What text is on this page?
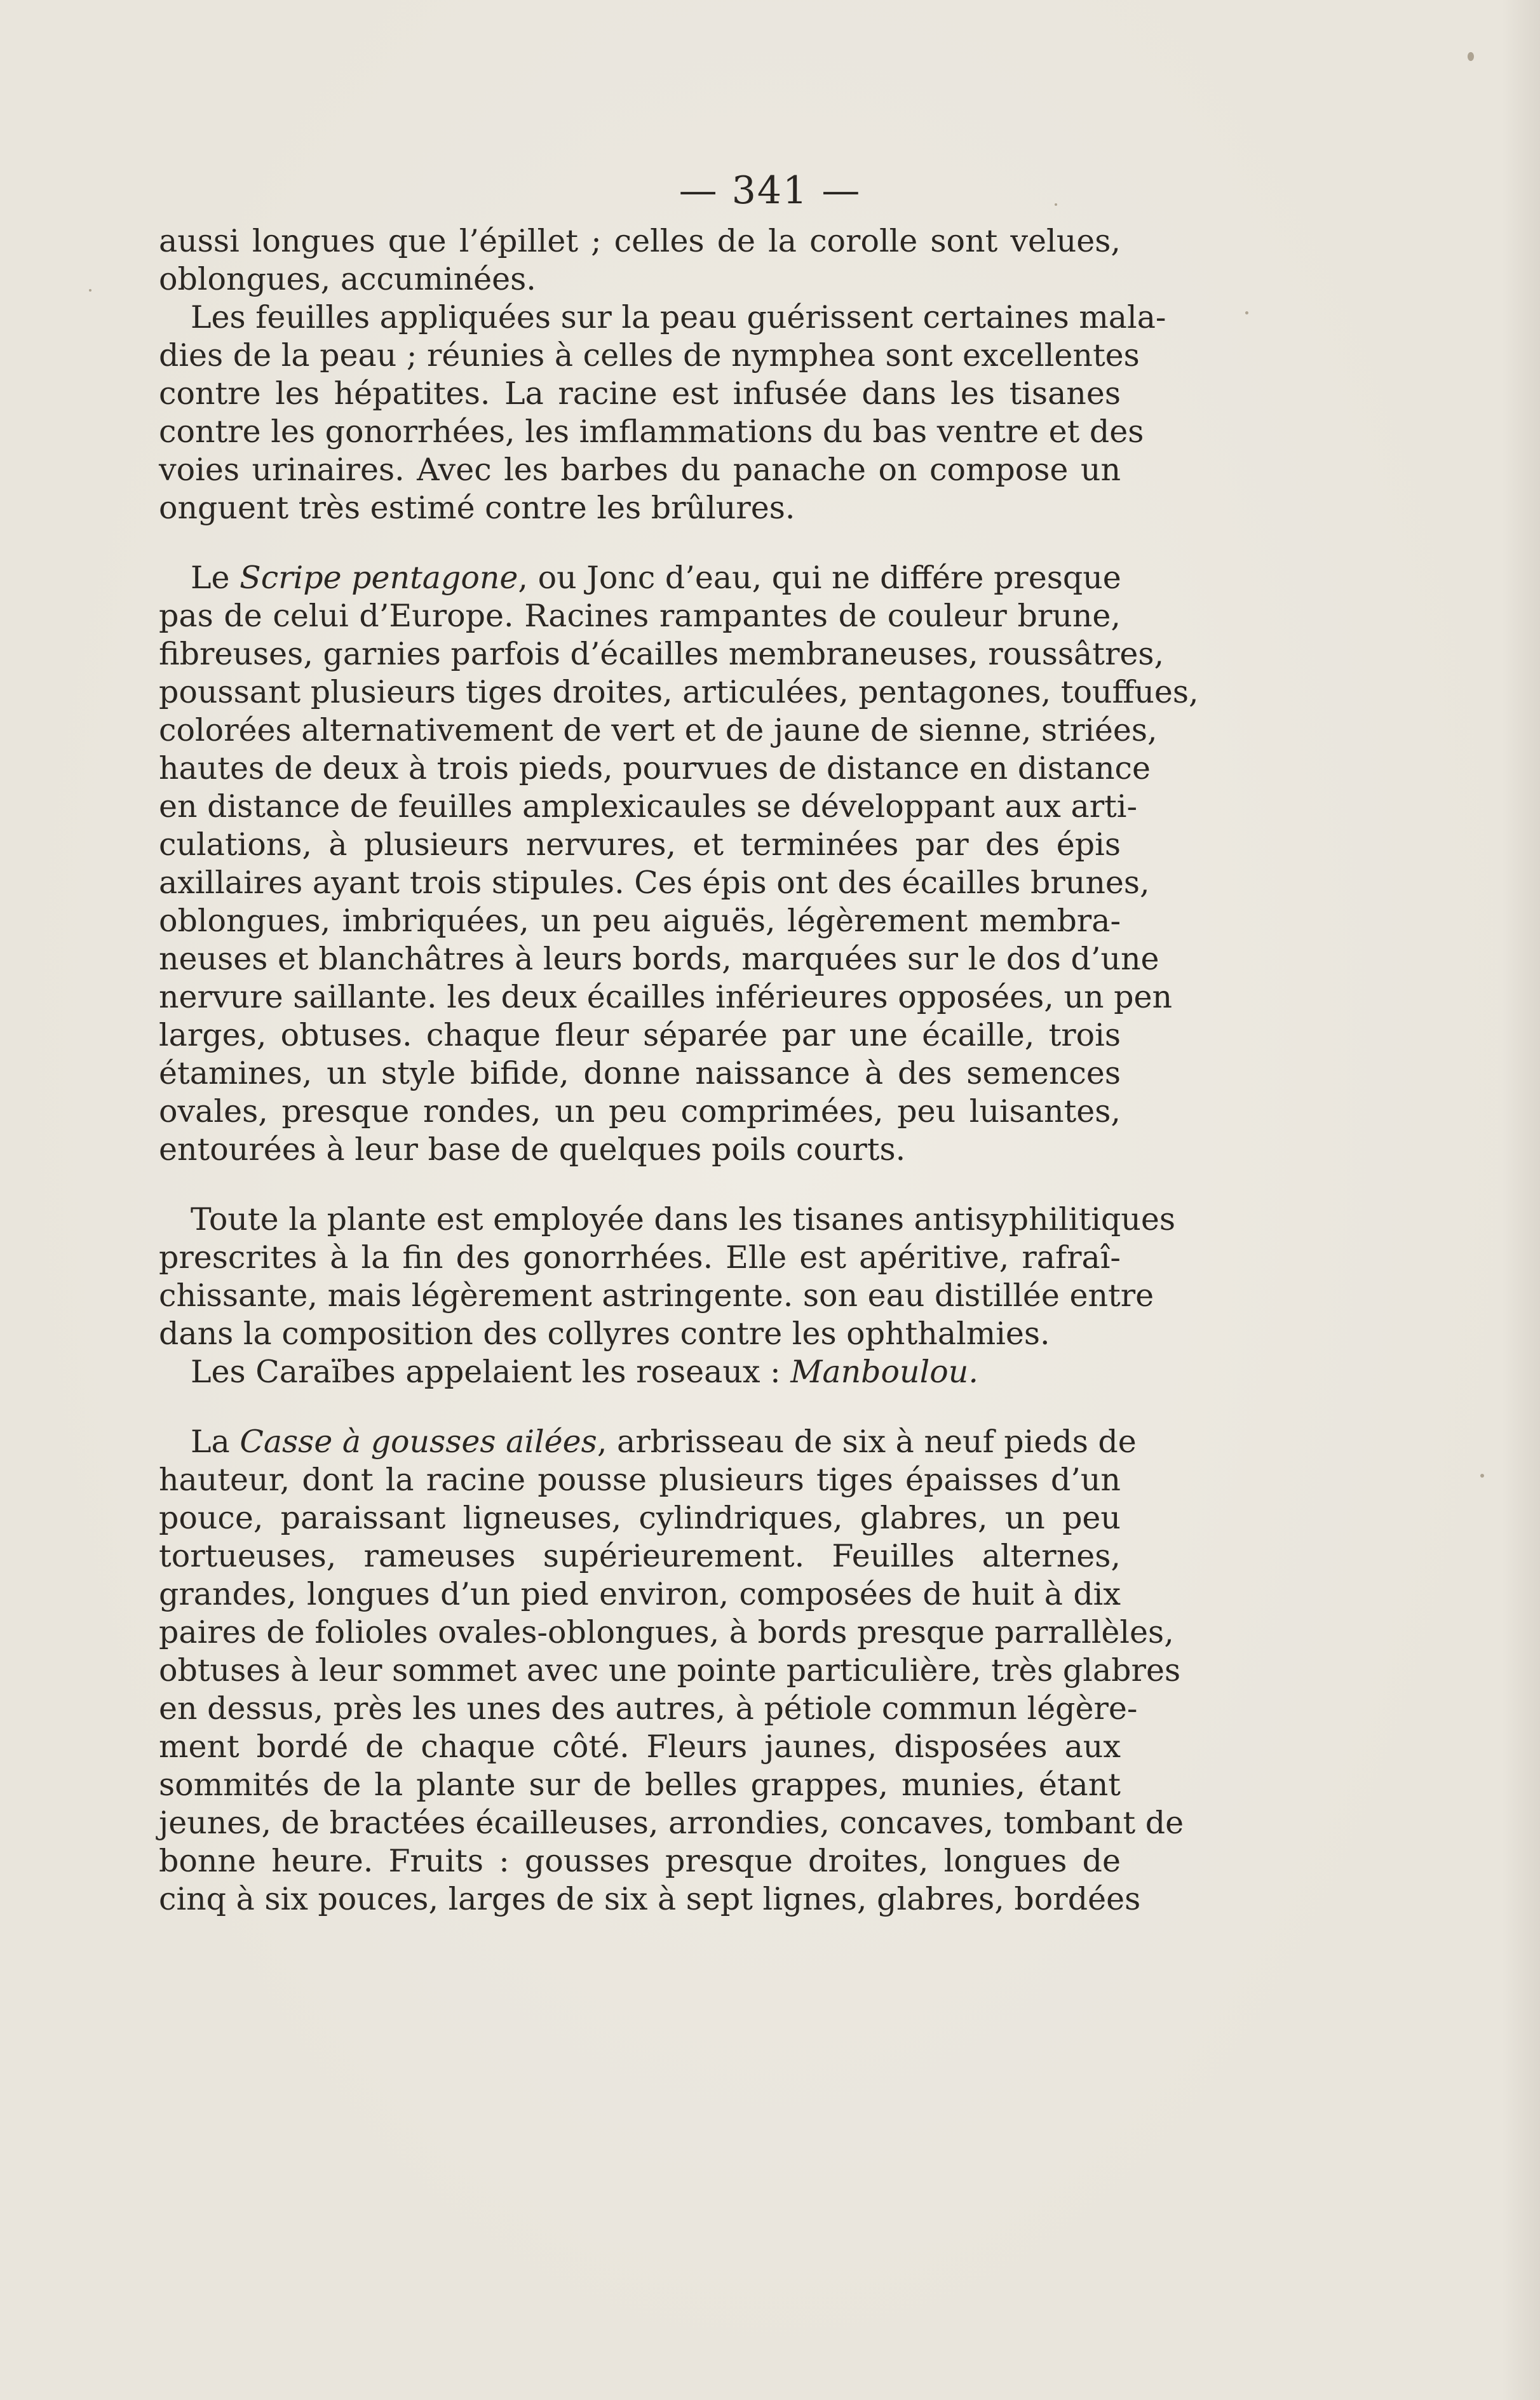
— 341 —
aussi longues que l’épillet ; celles de la corolle sont velues,
oblongues, accuminées.
Les feuilles appliquées sur la peau guérissent certaines mala-
dies de la peau ; réunies à celles de nymphea sont excellentes
contre les hépatites. La racine est infusée dans les tisanes
contre les gonorrhées, les imflammations du bas ventre et des
voies urinaires. Avec les barbes du panache on compose un
onguent très estimé contre les brûlures.
Le Scripe pentagone, ou Jonc d’eau, qui ne différe presque
pas de celui d’Europe. Racines rampantes de couleur brune,
fibreuses, garnies parfois d’écailles membraneuses, roussâtres,
poussant plusieurs tiges droites, articulées, pentagones, touffues,
colorées alternativement de vert et de jaune de sienne, striées,
hautes de deux à trois pieds, pourvues de distance en distance
en distance de feuilles amplexicaules se développant aux arti-
culations, à plusieurs nervures, et terminées par des épis
axillaires ayant trois stipules. Ces épis ont des écailles brunes,
oblongues, imbriquées, un peu aiguës, légèrement membra-
neuses et blanchâtres à leurs bords, marquées sur le dos d’une
nervure saillante. les deux écailles inférieures opposées, un pen
larges, obtuses. chaque fleur séparée par une écaille, trois
étamines, un style bifide, donne naissance à des semences
ovales, presque rondes, un peu comprimées, peu luisantes,
entourées à leur base de quelques poils courts.
Toute la plante est employée dans les tisanes antisyphilitiques
prescrites à la fin des gonorrhées. Elle est apéritive, rafraî-
chissante, mais légèrement astringente. son eau distillée entre
dans la composition des collyres contre les ophthalmies.
Les Caraïbes appelaient les roseaux : Manboulou.
La Casse à gousses ailées, arbrisseau de six à neuf pieds de
hauteur, dont la racine pousse plusieurs tiges épaisses d’un
pouce, paraissant ligneuses, cylindriques, glabres, un peu
tortueuses, rameuses supérieurement. Feuilles alternes,
grandes, longues d’un pied environ, composées de huit à dix
paires de folioles ovales-oblongues, à bords presque parrallèles,
obtuses à leur sommet avec une pointe particulière, très glabres
en dessus, près les unes des autres, à pétiole commun légère-
ment bordé de chaque côté. Fleurs jaunes, disposées aux
sommités de la plante sur de belles grappes, munies, étant
jeunes, de bractées écailleuses, arrondies, concaves, tombant de
bonne heure. Fruits : gousses presque droites, longues de
cinq à six pouces, larges de six à sept lignes, glabres, bordées
